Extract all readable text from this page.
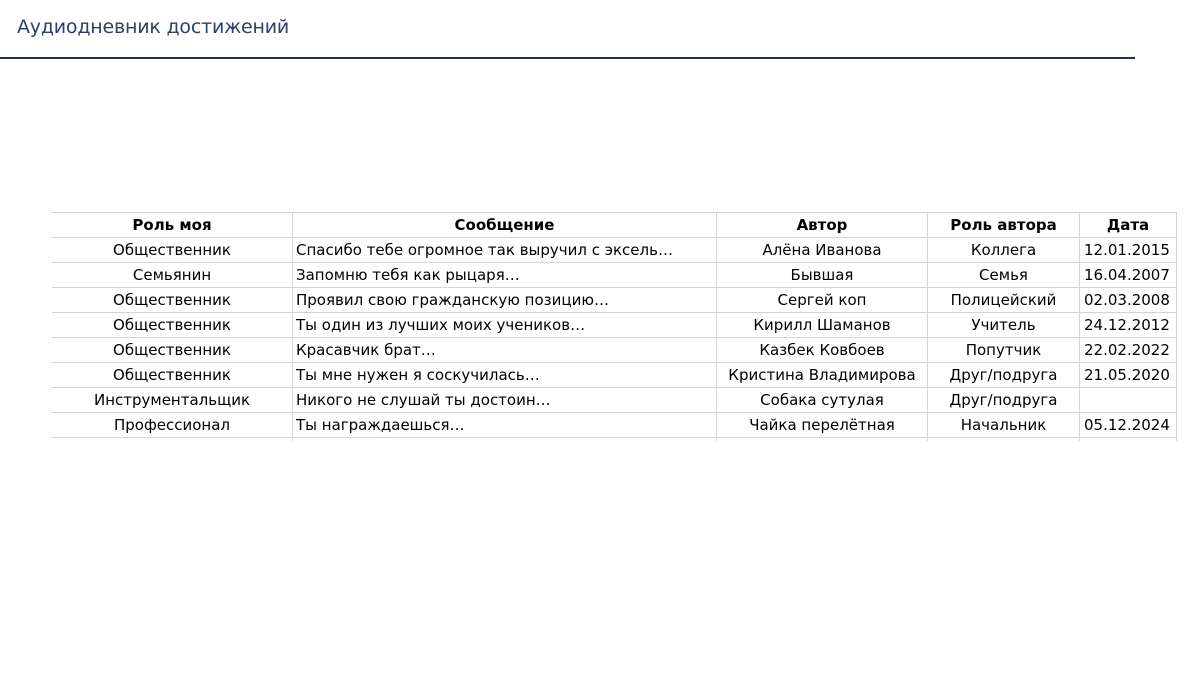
Аудиодневник достижений
Роль моя	Сообщение	Автор	Роль автора	Дата
Общественник	Спасибо тебе огромное так выручил с эксель…	Алёна Иванова	Коллега	12.01.2015
Семьянин	Запомню тебя как рыцаря…	Бывшая	Семья	16.04.2007
Общественник	Проявил свою гражданскую позицию…	Сергей коп	Полицейский	02.03.2008
Общественник	Ты один из лучших моих учеников…	Кирилл Шаманов	Учитель	24.12.2012
Общественник	Красавчик брат…	Казбек Ковбоев	Попутчик	22.02.2022
Общественник	Ты мне нужен я соскучилась…	Кристина Владимирова	Друг/подруга	21.05.2020
Инструментальщик	Никого не слушай ты достоин…	Собака сутулая	Друг/подруга	
Профессионал	Ты награждаешься…	Чайка перелётная	Начальник	05.12.2024
